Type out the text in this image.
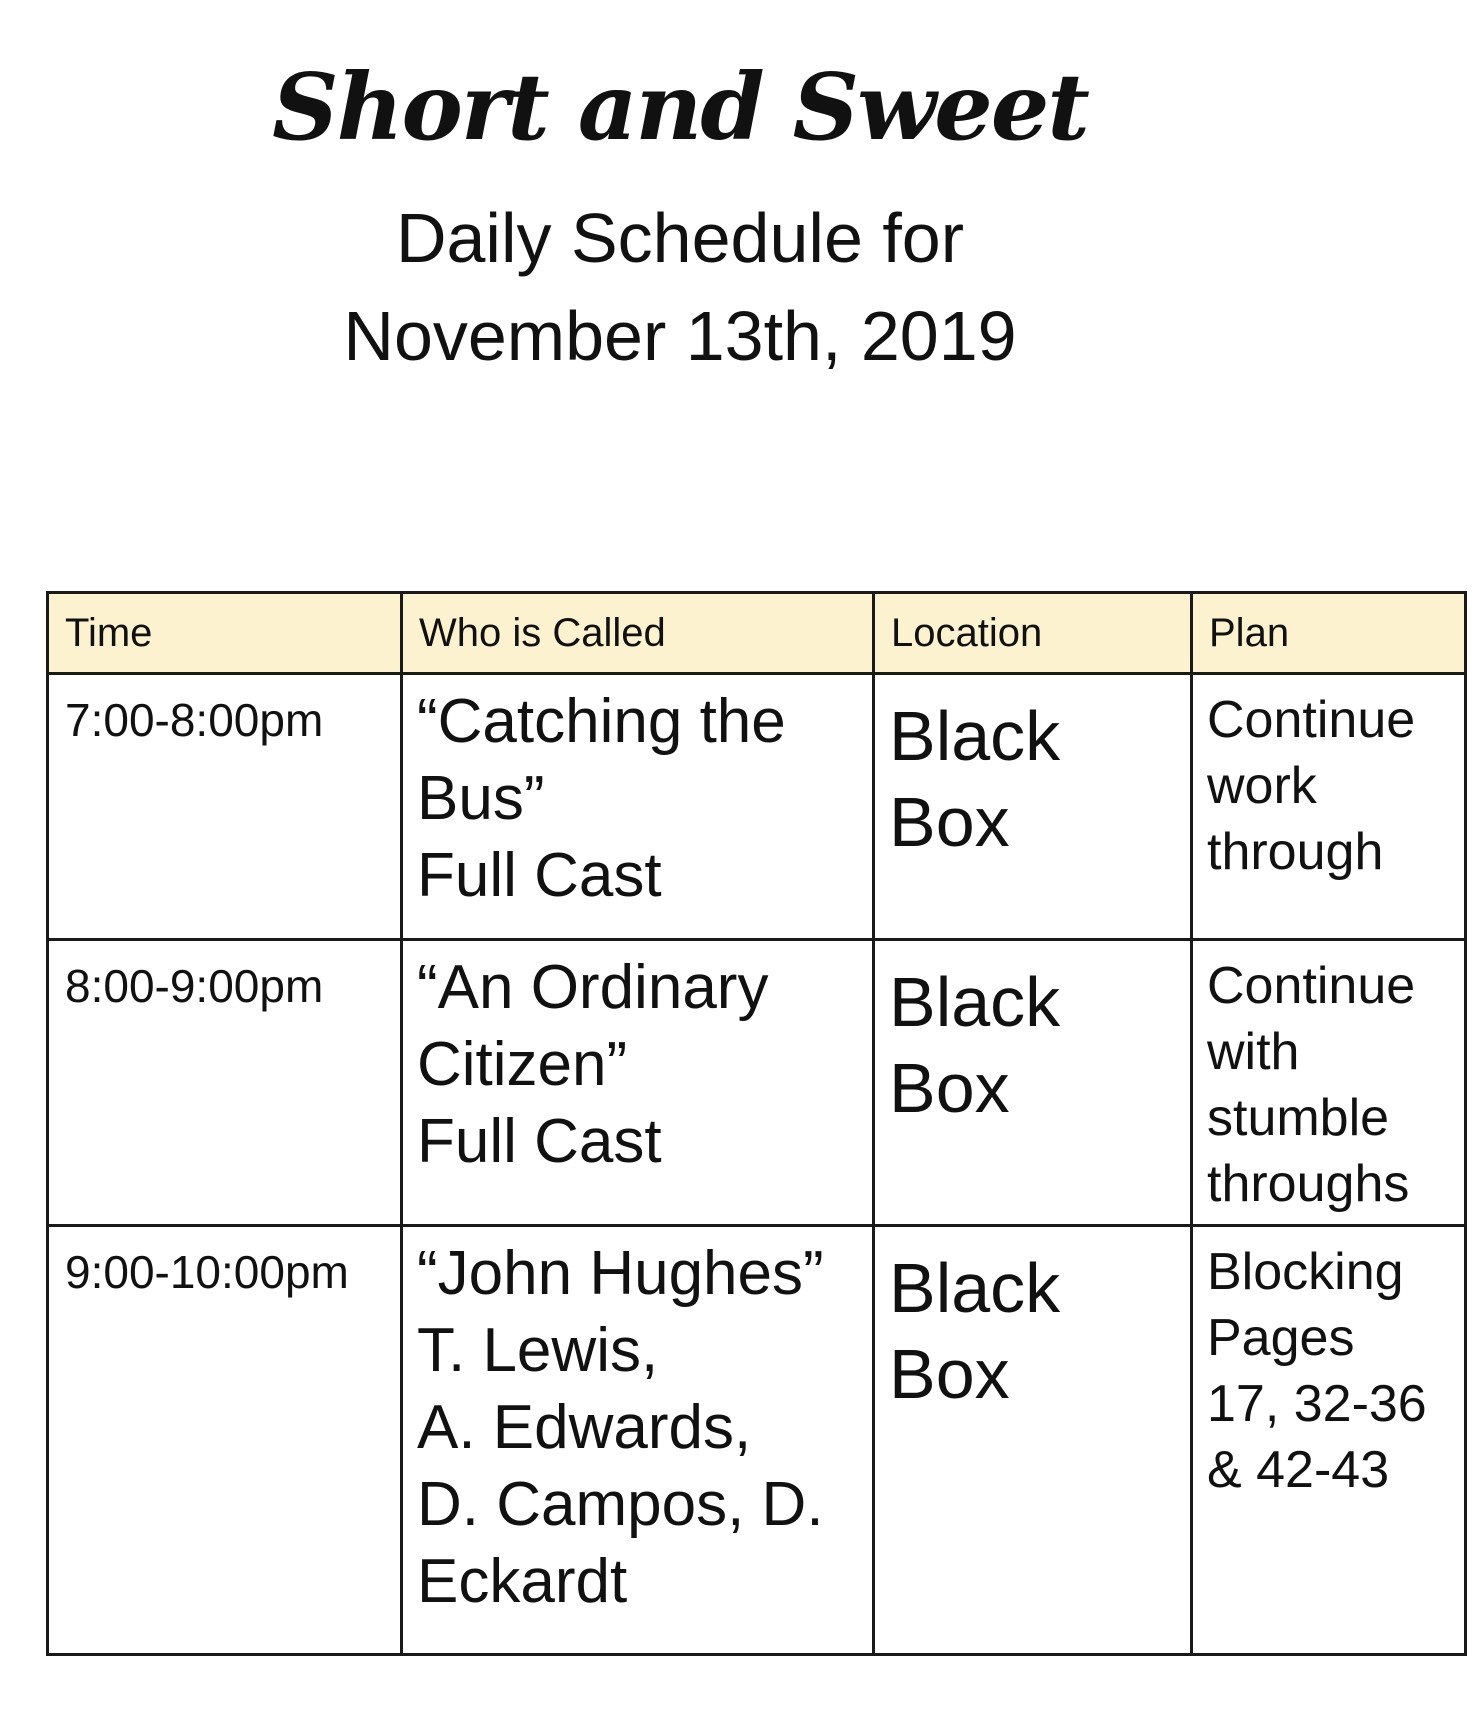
Short and Sweet

Daily Schedule for

November 13th, 2019

Time	Who is Called	Location	Plan
7:00-8:00pm	“Catching the
Bus”
Full Cast	Black
Box	Continue
work
through

8:00-9:00pm	“An Ordinary
Citizen”
Full Cast	Black
Box	Continue
with
stumble
throughs

9:00-10:00pm	“John Hughes”
T. Lewis,
A. Edwards,
D. Campos, D.
Eckardt	Black
Box	Blocking
Pages
17, 32-36
& 42-43
